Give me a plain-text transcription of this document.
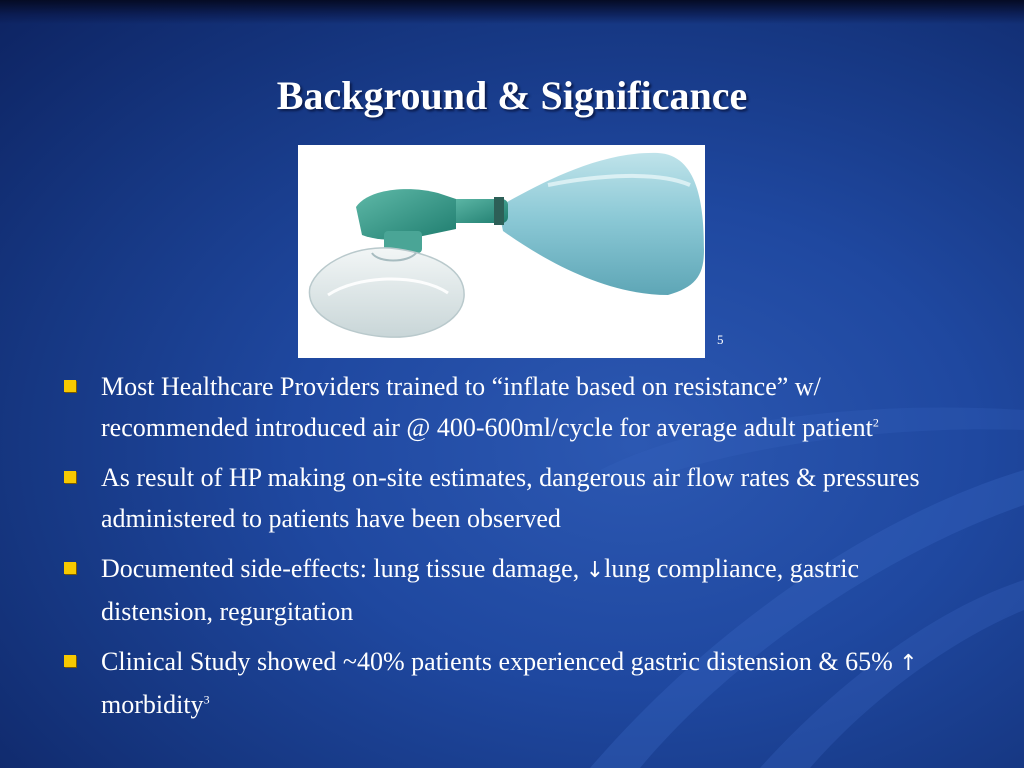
Background & Significance
5
Most Healthcare Providers trained to “inflate based on resistance” w/ recommended introduced air @ 400-600ml/cycle for average adult patient$^2$
As result of HP making on-site estimates, dangerous air flow rates & pressures administered to patients have been observed
Documented side-effects: lung tissue damage, ↓lung compliance, gastric distension, regurgitation
Clinical Study showed ~40% patients experienced gastric distension & 65% ↑ morbidity$^3$
